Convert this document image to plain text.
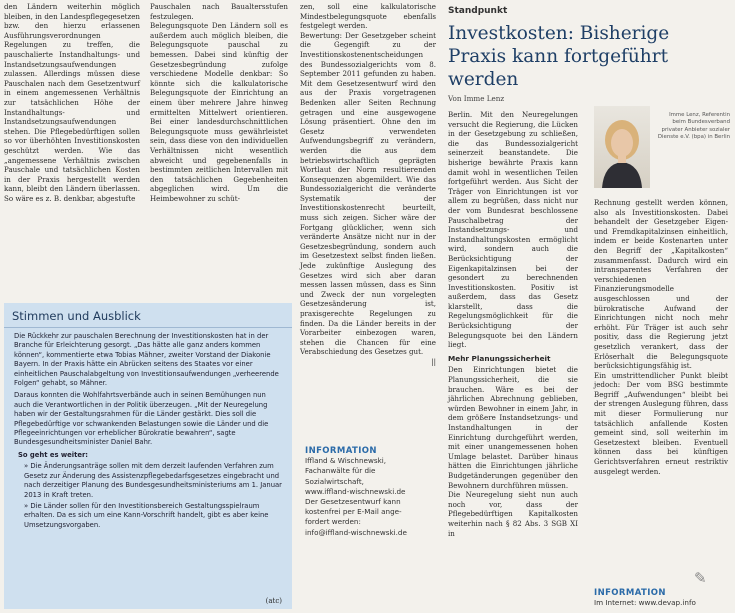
den Ländern weiterhin möglich bleiben, in den Landespflegegesetzen bzw. den hierzu erlassenen Ausführungsverordnungen Regelungen zu treffen, die pauschalierte Instandhaltungs- und Instandsetzungsaufwendungen zulassen. Allerdings müssen diese Pauschalen nach dem Gesetzentwurf in einem angemessenen Verhältnis zur tatsächlichen Höhe der Instandhaltungs- und Instandsetzungsaufwendungen stehen. Die Pflegebedürftigen sollen so vor überhöhten Investitionskosten geschützt werden. Wie das „angemessene Verhältnis zwischen Pauschale und tatsächlichen Kosten in der Praxis hergestellt werden kann, bleibt den Ländern überlassen. So wäre es z. B. denkbar, abgestufte

Pauschalen nach Baualtersstufen festzulegen.

Belegungsquote Den Ländern soll es außerdem auch möglich bleiben, die Belegungsquote pauschal zu bemessen. Dabei sind künftig der Gesetzesbegründung zufolge verschiedene Modelle denkbar: So könnte sich die kalkulatorische Belegungsquote der Einrichtung an einem über mehrere Jahre hinweg ermittelten Mittelwert orientieren. Bei einer landesdurchschnittlichen Belegungsquote muss gewährleistet sein, dass diese von den individuellen Verhältnissen nicht wesentlich abweicht und gegebenenfalls in bestimmten zeitlichen Intervallen mit den tatsächlichen Gegebenheiten abgeglichen wird. Um die Heimbewohner zu schüt-

zen, soll eine kalkulatorische Mindestbelegungsquote ebenfalls festgelegt werden.

Bewertung: Der Gesetzgeber scheint die Gegengift zu der Investitionskostenentscheidungen des Bundessozialgerichts vom 8. September 2011 gefunden zu haben. Mit dem Gesetzesentwurf wird den aus der Praxis vorgetragenen Bedenken aller Seiten Rechnung getragen und eine ausgewogene Lösung präsentiert. Ohne den im Gesetz verwendeten Aufwendungsbegriff zu verändern, werden die aus dem betriebswirtschaftlich geprägten Wortlaut der Norm resultierenden Konsequenzen abgemildert. Wie das Bundessozialgericht die veränderte Systematik der Investitionskostenrecht beurteilt, muss sich zeigen. Sicher wäre der Fortgang glücklicher, wenn sich veränderte Ansätze nicht nur in der Gesetzesbegründung, sondern auch im Gesetzestext selbst finden ließen. Jede zukünftige Auslegung des Gesetzes wird sich aber daran messen lassen müssen, dass es Sinn und Zweck der nun vorgelegten Gesetzesänderung ist, praxisgerechte Regelungen zu finden. Da die Länder bereits in der Vorarbeiter einbezogen waren, stehen die Chancen für eine Verabschiedung des Gesetzes gut.

||

Stimmen und Ausblick

Die Rückkehr zur pauschalen Berechnung der Investitionskosten hat in der Branche für Erleichterung gesorgt. „Das hätte alle ganz anders kommen können“, kommentierte etwa Tobias Mähner, zweiter Vorstand der Diakonie Bayern. In der Praxis hätte ein Abrücken seitens des Staates vor einer einheitlichen Pauschalabgeltung von Investitionsaufwendungen „verheerende Folgen“ gehabt, so Mähner.

Daraus konnten die Wohlfahrtsverbände auch in seinen Bemühungen nun auch die Verantwortlichen in der Politik überzeugen. „Mit der Neuregelung haben wir der Gestaltungsrahmen für die Länder gestärkt. Dies soll die Pflegebedürftige vor schwankenden Belastungen sowie die Länder und die Pflegeeinrichtungen vor erheblicher Bürokratie bewahren“, sagte Bundesgesundheitsminister Daniel Bahr.

So geht es weiter:
» Die Änderungsanträge sollen mit dem derzeit laufenden Verfahren zum Gesetz zur Änderung des Assistenzpflegebedarfsgesetzes eingebracht und nach derzeitiger Planung des Bundesgesundheitsministeriums am 1. Januar 2013 in Kraft treten.
» Die Länder sollen für den Investitionsbereich Gestaltungsspielraum erhalten. Da es sich um eine Kann-Vorschrift handelt, gibt es aber keine Umsetzungsvorgaben.
(atc)
INFORMATION
Iffland & Wischnewski,
Fachanwälte für die
Sozialwirtschaft,
www.iffland-wischnewski.de
Der Gesetzesentwurf kann
kostenfrei per E-Mail ange-
fordert werden:
info@iffland-wischnewski.de
Standpunkt
Investkosten: Bisherige Praxis kann fortgeführt werden
Von Imme Lenz

Berlin. Mit den Neuregelungen versucht die Regierung, die Lücken in der Gesetzgebung zu schließen, die das Bundessozialgericht seinerzeit beanstandete. Die bisherige bewährte Praxis kann damit wohl in wesentlichen Teilen fortgeführt werden. Aus Sicht der Träger von Einrichtungen ist vor allem zu begrüßen, dass nicht nur der vom Bundesrat beschlossene Pauschalbetrag der Instandsetzungs- und Instandhaltungskosten ermöglicht wird, sondern auch die Berücksichtigung der Eigenkapitalzinsen bei der gesondert zu berechnenden Investitionskosten. Positiv ist außerdem, dass das Gesetz klarstellt, dass die Regelungsmöglichkeit für die Berücksichtigung der Belegungsquote bei den Ländern liegt.

Mehr Planungssicherheit

Den Einrichtungen bietet die Planungssicherheit, die sie brauchen. Wäre es bei der jährlichen Abrechnung geblieben, würden Bewohner in einem Jahr, in dem größere Instandsetzungs- und Instandhaltungen in der Einrichtung durchgeführt werden, mit einer unangemessenen hohen Umlage belastet. Darüber hinaus hätten die Einrichtungen jährliche Budgetänderungen gegenüber den Bewohnern durchführen müssen.

Die Neuregelung sieht nun auch noch vor, dass der Pflegebedürftigen Kapitalkosten weiterhin nach § 82 Abs. 3 SGB XI in

Imme Lenz, Referentin beim Bundesverband privater Anbieter sozialer Dienste e.V. (bpa) in Berlin

Rechnung gestellt werden können, also als Investitionskosten. Dabei behandelt der Gesetzgeber Eigen- und Fremdkapitalzinsen einheitlich, indem er beide Kostenarten unter den Begriff der „Kapitalkosten“ zusammenfasst. Dadurch wird ein intransparentes Verfahren der verschiedenen Finanzierungsmodelle ausgeschlossen und der bürokratische Aufwand der Einrichtungen nicht noch mehr erhöht. Für Träger ist auch sehr positiv, dass die Regierung jetzt gesetzlich verankert, dass der Erlöserhalt die Belegungsquote berücksichtigungsfähig ist.

Ein umstrittendlicher Punkt bleibt jedoch: Der vom BSG bestimmte Begriff „Aufwendungen“ bleibt bei der strengen Auslegung führen, dass mit dieser Formulierung nur tatsächlich anfallende Kosten gemeint sind, soll weiterhin im Gesetzestext bleiben. Eventuell können dass bei künftigen Gerichtsverfahren erneut restriktiv ausgelegt werden.

✎
INFORMATION
Im Internet: www.devap.info
